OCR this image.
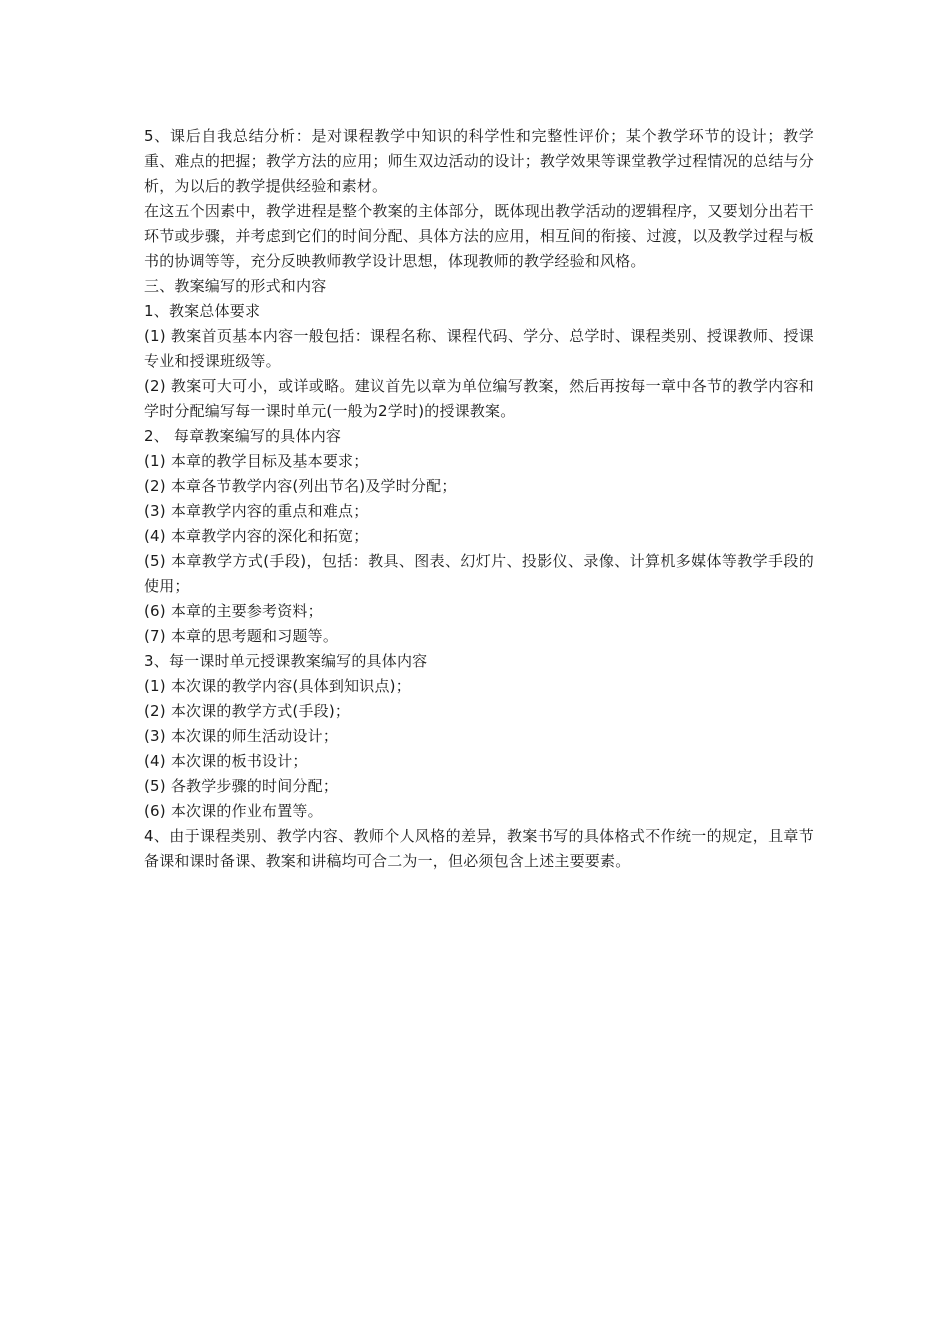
5、课后自我总结分析：是对课程教学中知识的科学性和完整性评价；某个教学环节的设计；教学重、难点的把握；教学方法的应用；师生双边活动的设计；教学效果等课堂教学过程情况的总结与分析，为以后的教学提供经验和素材。

在这五个因素中，教学进程是整个教案的主体部分，既体现出教学活动的逻辑程序，又要划分出若干环节或步骤，并考虑到它们的时间分配、具体方法的应用，相互间的衔接、过渡，以及教学过程与板书的协调等等，充分反映教师教学设计思想，体现教师的教学经验和风格。

三、教案编写的形式和内容

1、教案总体要求

(1) 教案首页基本内容一般包括：课程名称、课程代码、学分、总学时、课程类别、授课教师、授课专业和授课班级等。

(2) 教案可大可小，或详或略。建议首先以章为单位编写教案，然后再按每一章中各节的教学内容和学时分配编写每一课时单元(一般为2学时)的授课教案。

2、 每章教案编写的具体内容

(1) 本章的教学目标及基本要求；

(2) 本章各节教学内容(列出节名)及学时分配；

(3) 本章教学内容的重点和难点；

(4) 本章教学内容的深化和拓宽；

(5) 本章教学方式(手段)，包括：教具、图表、幻灯片、投影仪、录像、计算机多媒体等教学手段的使用；

(6) 本章的主要参考资料；

(7) 本章的思考题和习题等。

3、每一课时单元授课教案编写的具体内容

(1) 本次课的教学内容(具体到知识点)；

(2) 本次课的教学方式(手段)；

(3) 本次课的师生活动设计；

(4) 本次课的板书设计；

(5) 各教学步骤的时间分配；

(6) 本次课的作业布置等。

4、由于课程类别、教学内容、教师个人风格的差异，教案书写的具体格式不作统一的规定，且章节备课和课时备课、教案和讲稿均可合二为一，但必须包含上述主要要素。
